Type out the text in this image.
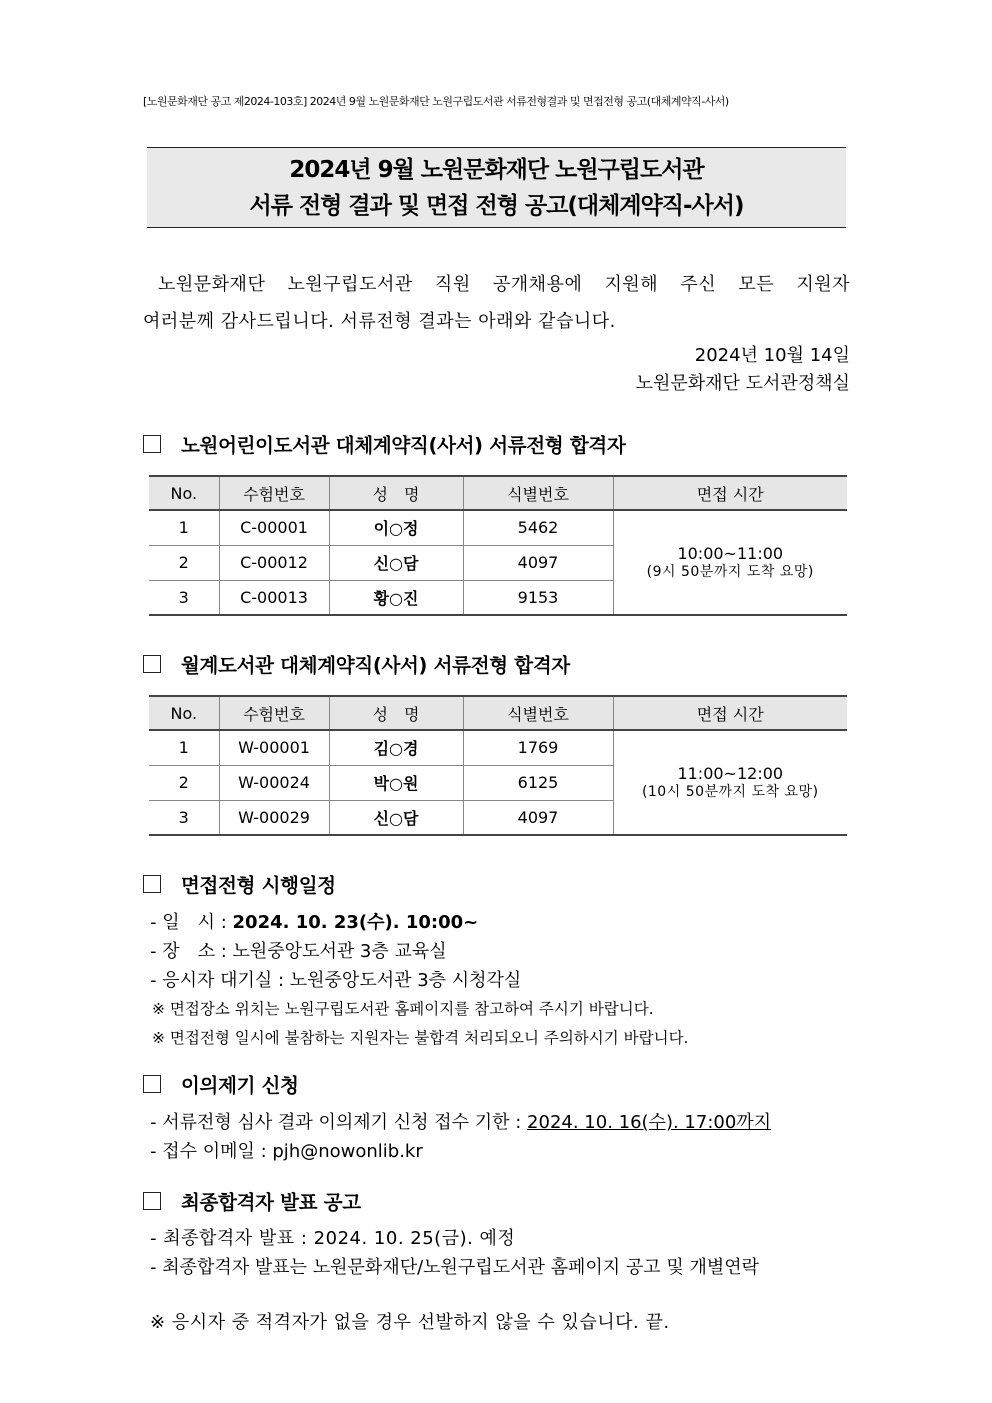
[노원문화재단 공고 제2024-103호] 2024년 9월 노원문화재단 노원구립도서관 서류전형결과 및 면접전형 공고(대체계약직-사서)
2024년 9월 노원문화재단 노원구립도서관
서류 전형 결과 및 면접 전형 공고(대체계약직-사서)
노원문화재단 노원구립도서관 직원 공개채용에 지원해 주신 모든 지원자
여러분께 감사드립니다. 서류전형 결과는 아래와 같습니다.
2024년 10월 14일
노원문화재단 도서관정책실
노원어린이도서관 대체계약직(사서) 서류전형 합격자
No.	수험번호	성　명	식별번호	면접 시간
1	C-00001	이○정	5462	10:00~11:00
(9시 50분까지 도착 요망)

2	C-00012	신○담	4097	
3	C-00013	황○진	9153	
월계도서관 대체계약직(사서) 서류전형 합격자
No.	수험번호	성　명	식별번호	면접 시간
1	W-00001	김○경	1769	11:00~12:00
(10시 50분까지 도착 요망)

2	W-00024	박○원	6125	
3	W-00029	신○담	4097	
면접전형 시행일정
- 일　시 : 2024. 10. 23(수). 10:00~
- 장　소 : 노원중앙도서관 3층 교육실
- 응시자 대기실 : 노원중앙도서관 3층 시청각실
※ 면접장소 위치는 노원구립도서관 홈페이지를 참고하여 주시기 바랍니다.
※ 면접전형 일시에 불참하는 지원자는 불합격 처리되오니 주의하시기 바랍니다.
이의제기 신청
- 서류전형 심사 결과 이의제기 신청 접수 기한 : 2024. 10. 16(수). 17:00까지
- 접수 이메일 : pjh@nowonlib.kr
최종합격자 발표 공고
- 최종합격자 발표 : 2024. 10. 25(금). 예정
- 최종합격자 발표는 노원문화재단/노원구립도서관 홈페이지 공고 및 개별연락
※ 응시자 중 적격자가 없을 경우 선발하지 않을 수 있습니다. 끝.
